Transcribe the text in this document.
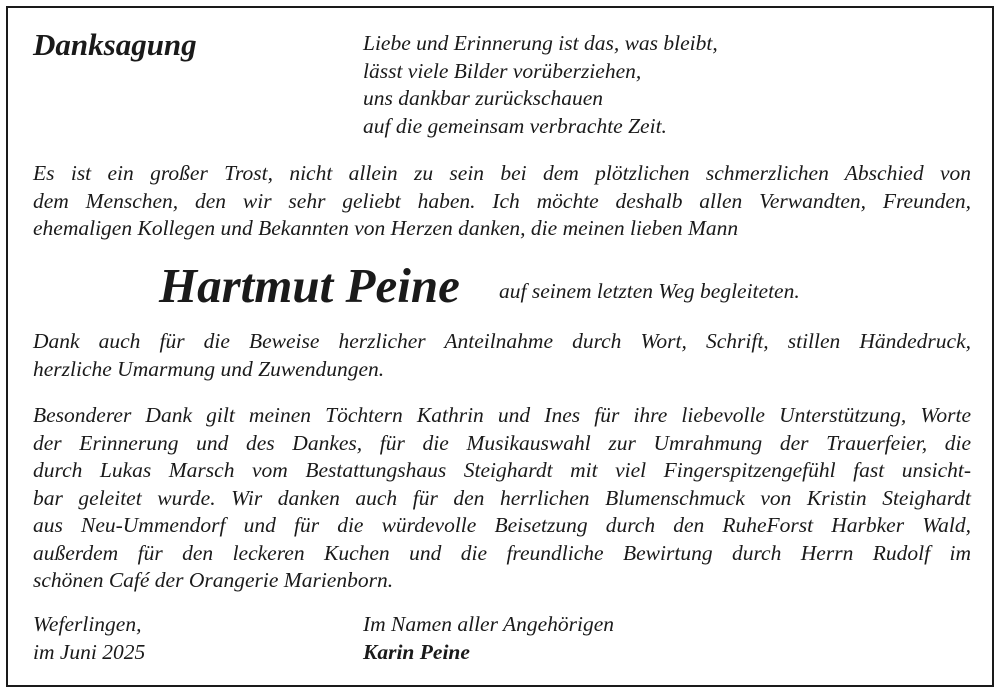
Danksagung	Liebe und Erinnerung ist das, was bleibt,
lässt viele Bilder vorüberziehen,
uns dankbar zurückschauen
auf die gemeinsam verbrachte Zeit.
Es ist ein großer Trost, nicht allein zu sein bei dem plötzlichen schmerzlichen Abschied von
dem Menschen, den wir sehr geliebt haben. Ich möchte deshalb allen Verwandten, Freunden,
ehemaligen Kollegen und Bekannten von Herzen danken, die meinen lieben Mann
Hartmut Peine auf seinem letzten Weg begleiteten.
Dank auch für die Beweise herzlicher Anteilnahme durch Wort, Schrift, stillen Händedruck,
herzliche Umarmung und Zuwendungen.
Besonderer Dank gilt meinen Töchtern Kathrin und Ines für ihre liebevolle Unterstützung, Worte
der Erinnerung und des Dankes, für die Musikauswahl zur Umrahmung der Trauerfeier, die
durch Lukas Marsch vom Bestattungshaus Steighardt mit viel Fingerspitzengefühl fast unsicht-
bar geleitet wurde. Wir danken auch für den herrlichen Blumenschmuck von Kristin Steighardt
aus Neu-Ummendorf und für die würdevolle Beisetzung durch den RuheForst Harbker Wald,
außerdem für den leckeren Kuchen und die freundliche Bewirtung durch Herrn Rudolf im
schönen Café der Orangerie Marienborn.
Weferlingen,
im Juni 2025
Im Namen aller Angehörigen
Karin Peine
